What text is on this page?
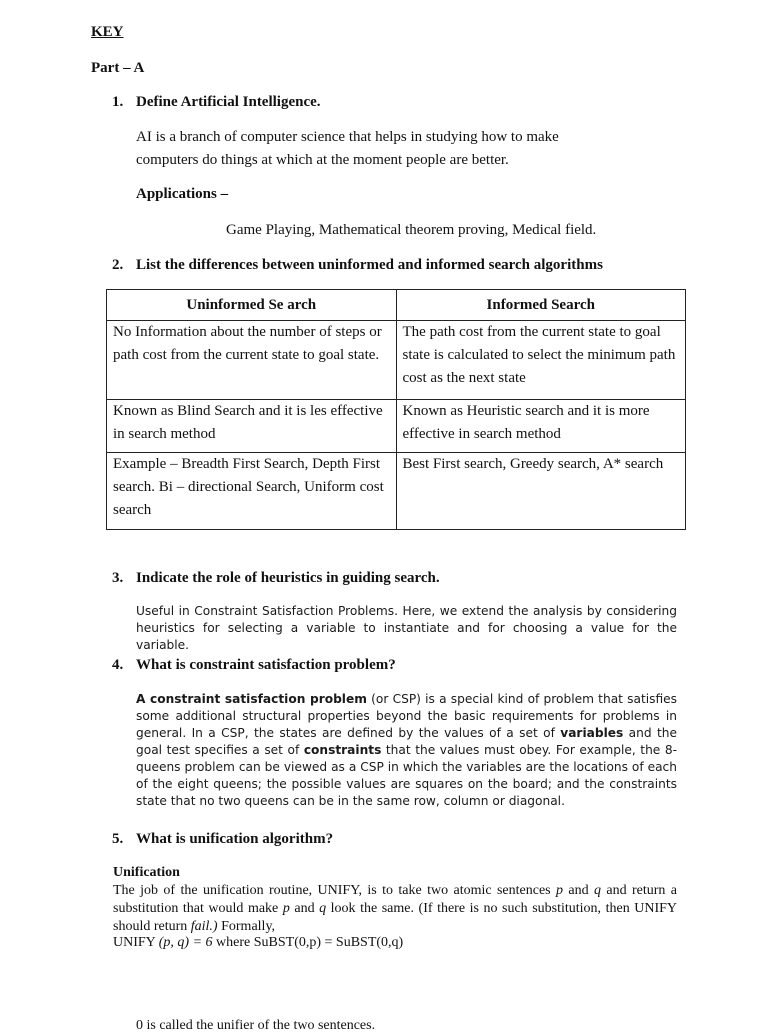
KEY
Part – A
1. Define Artificial Intelligence.
AI is a branch of computer science that helps in studying how to make
computers do things at which at the moment people are better.
Applications –
Game Playing, Mathematical theorem proving, Medical field.
2. List the differences between uninformed and informed search algorithms
Uninformed Se arch	Informed Search
No Information about the number of steps or path cost from the current state to goal state.	The path cost from the current state to goal state is calculated to select the minimum path cost as the next state
Known as Blind Search and it is les effective in search method	Known as Heuristic search and it is more effective in search method
Example – Breadth First Search, Depth First search. Bi – directional Search, Uniform cost search	Best First search, Greedy search, A* search
3. Indicate the role of heuristics in guiding search.
Useful in Constraint Satisfaction Problems. Here, we extend the analysis by considering heuristics for selecting a variable to instantiate and for choosing a value for the variable.
4. What is constraint satisfaction problem?
A constraint satisfaction problem (or CSP) is a special kind of problem that satisfies some additional structural properties beyond the basic requirements for problems in general. In a CSP, the states are defined by the values of a set of variables and the goal test specifies a set of constraints that the values must obey. For example, the 8-queens problem can be viewed as a CSP in which the variables are the locations of each of the eight queens; the possible values are squares on the board; and the constraints state that no two queens can be in the same row, column or diagonal.
5. What is unification algorithm?
Unification
The job of the unification routine, UNIFY, is to take two atomic sentences p and q and return a substitution that would make p and q look the same. (If there is no such substitution, then UNIFY should return fail.) Formally,
UNIFY (p, q) = 6 where SuBST(0,p) = SuBST(0,q)
0 is called the unifier of the two sentences.
